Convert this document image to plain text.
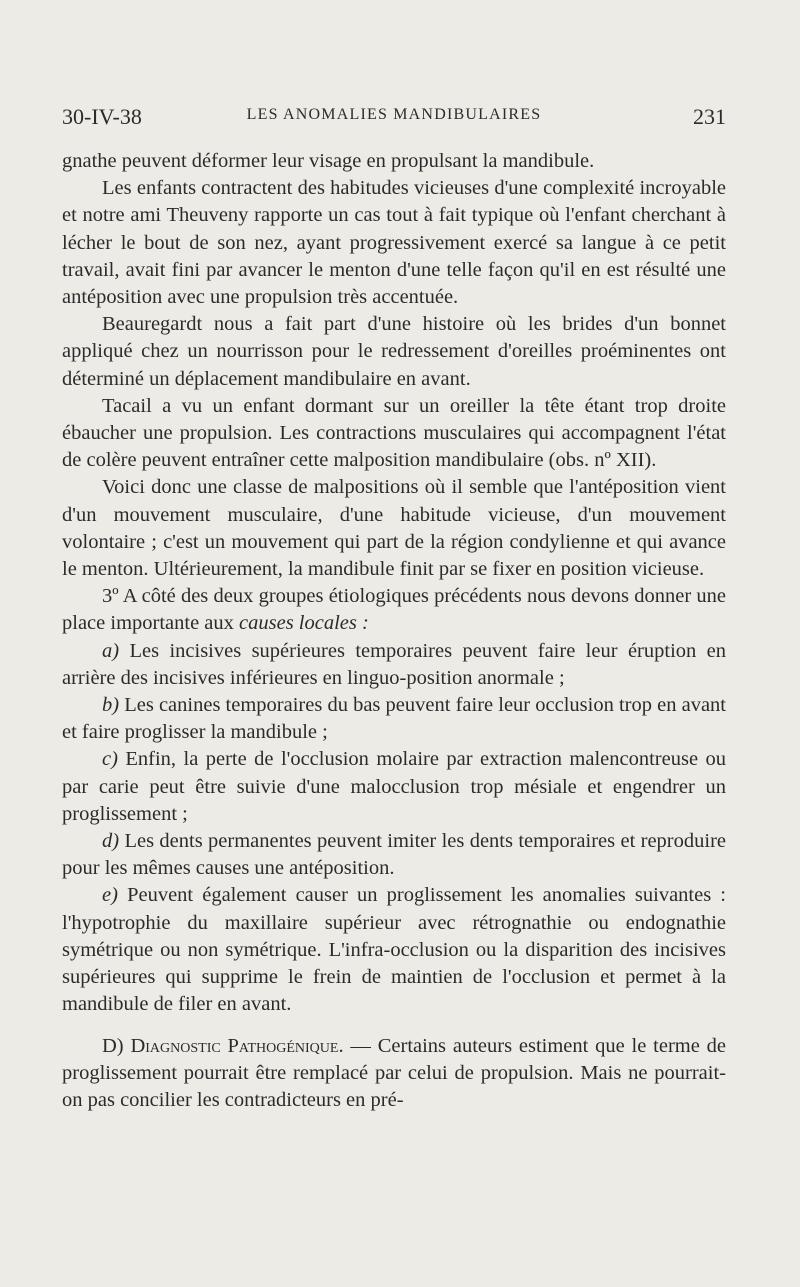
30-IV-38	LES ANOMALIES MANDIBULAIRES	231

gnathe peuvent déformer leur visage en propulsant la mandibule.

Les enfants contractent des habitudes vicieuses d'une complexité incroyable et notre ami Theuveny rapporte un cas tout à fait typique où l'enfant cherchant à lécher le bout de son nez, ayant progressivement exercé sa langue à ce petit travail, avait fini par avancer le menton d'une telle façon qu'il en est résulté une antéposition avec une propulsion très accentuée.

Beauregardt nous a fait part d'une histoire où les brides d'un bonnet appliqué chez un nourrisson pour le redressement d'oreilles proéminentes ont déterminé un déplacement mandibulaire en avant.

Tacail a vu un enfant dormant sur un oreiller la tête étant trop droite ébaucher une propulsion. Les contractions musculaires qui accompagnent l'état de colère peuvent entraîner cette malposition mandibulaire (obs. nº XII).

Voici donc une classe de malpositions où il semble que l'antéposition vient d'un mouvement musculaire, d'une habitude vicieuse, d'un mouvement volontaire ; c'est un mouvement qui part de la région condylienne et qui avance le menton. Ultérieurement, la mandibule finit par se fixer en position vicieuse.

3º A côté des deux groupes étiologiques précédents nous devons donner une place importante aux causes locales :

a) Les incisives supérieures temporaires peuvent faire leur éruption en arrière des incisives inférieures en linguo-position anormale ;

b) Les canines temporaires du bas peuvent faire leur occlusion trop en avant et faire proglisser la mandibule ;

c) Enfin, la perte de l'occlusion molaire par extraction malencontreuse ou par carie peut être suivie d'une malocclusion trop mésiale et engendrer un proglissement ;

d) Les dents permanentes peuvent imiter les dents temporaires et reproduire pour les mêmes causes une antéposition.

e) Peuvent également causer un proglissement les anomalies suivantes : l'hypotrophie du maxillaire supérieur avec rétrognathie ou endognathie symétrique ou non symétrique. L'infra-occlusion ou la disparition des incisives supérieures qui supprime le frein de maintien de l'occlusion et permet à la mandibule de filer en avant.

D) Diagnostic Pathogénique. — Certains auteurs estiment que le terme de proglissement pourrait être remplacé par celui de propulsion. Mais ne pourrait-on pas concilier les contradicteurs en pré-
